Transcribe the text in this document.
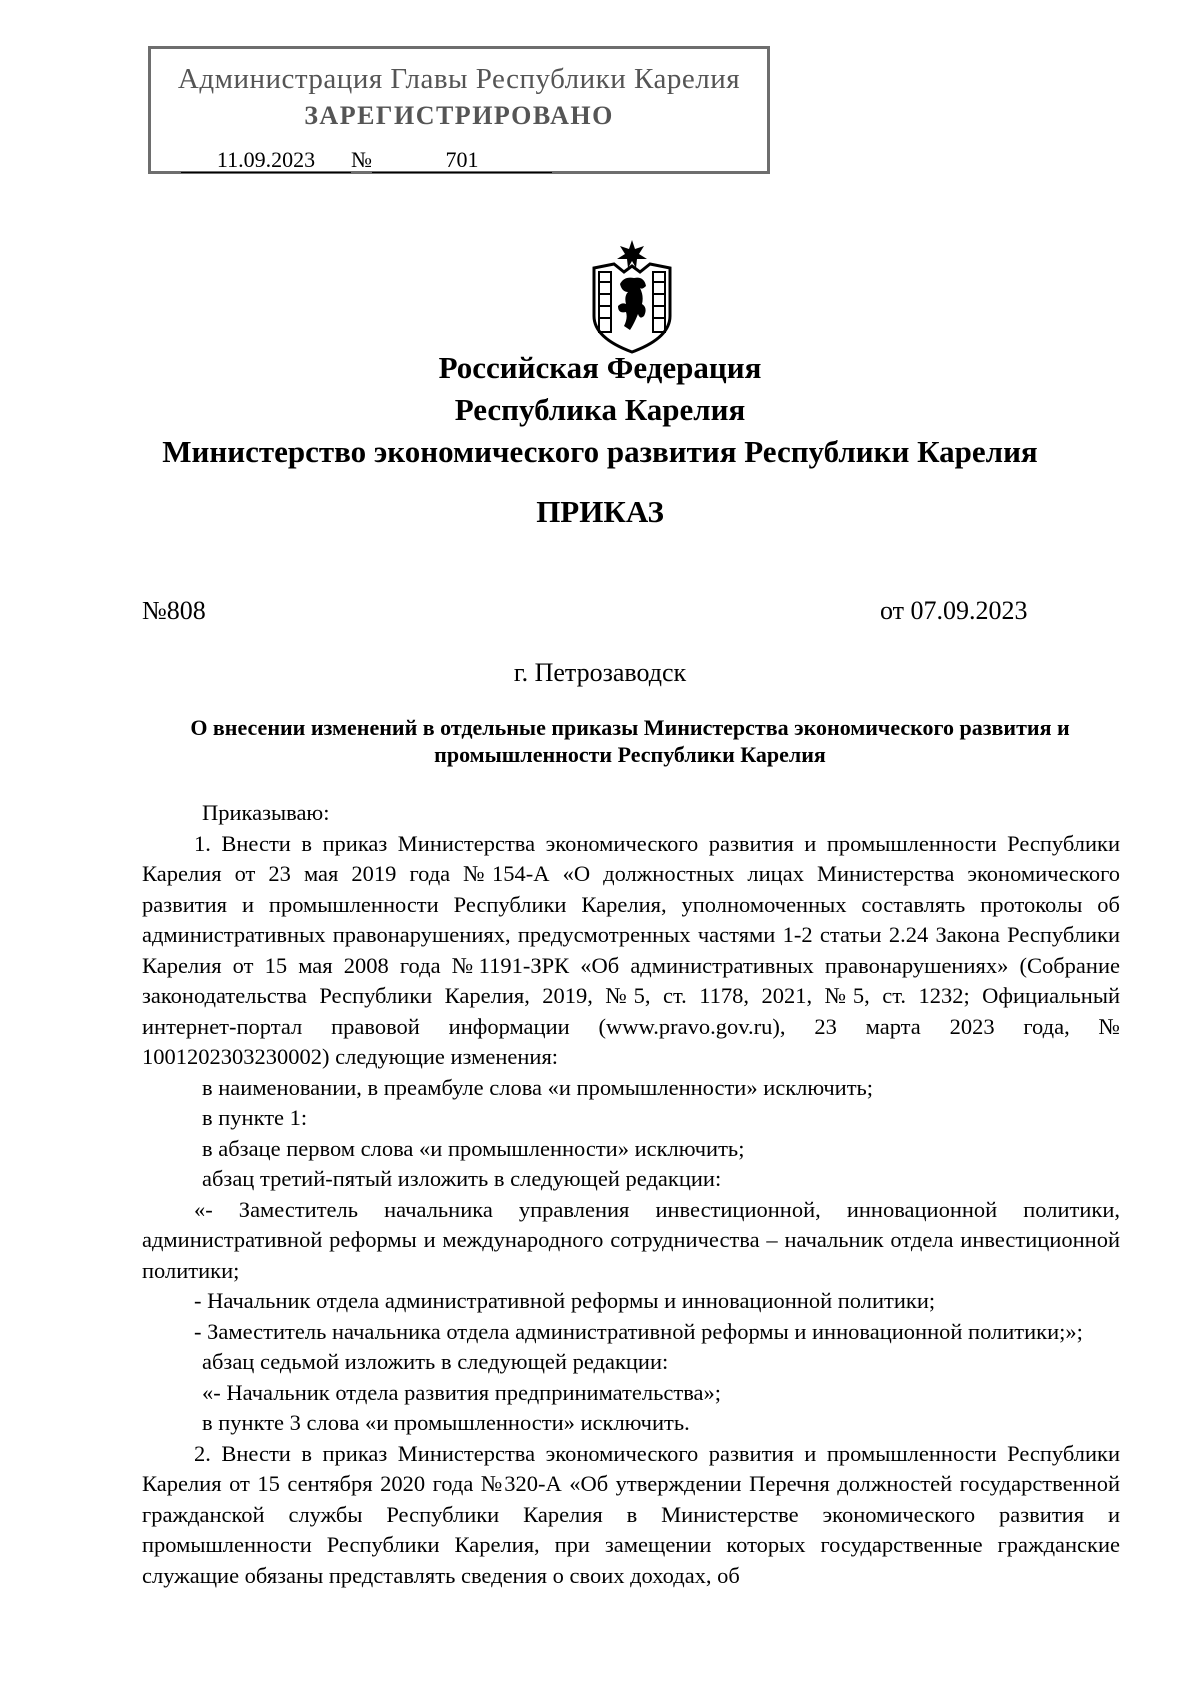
Администрация Главы Республики Карелия
ЗАРЕГИСТРИРОВАНО
11.09.2023 №	701
Российская Федерация
Республика Карелия
Министерство экономического развития Республики Карелия
ПРИКАЗ
№808	от 07.09.2023
г. Петрозаводск
О внесении изменений в отдельные приказы Министерства экономического развития и промышленности Республики Карелия

Приказываю:

1. Внести в приказ Министерства экономического развития и промышленности Республики Карелия от 23 мая 2019 года №154-А «О должностных лицах Министерства экономического развития и промышленности Республики Карелия, уполномоченных составлять протоколы об административных правонарушениях, предусмотренных частями 1-2 статьи 2.24 Закона Республики Карелия от 15 мая 2008 года №1191-ЗРК «Об административных правонарушениях» (Собрание законодательства Республики Карелия, 2019, №5, ст. 1178, 2021, №5, ст. 1232; Официальный интернет-портал правовой информации (www.pravo.gov.ru), 23 марта 2023 года, № 1001202303230002) следующие изменения:

в наименовании, в преамбуле слова «и промышленности» исключить;

в пункте 1:

в абзаце первом слова «и промышленности» исключить;

абзац третий-пятый изложить в следующей редакции:

«- Заместитель начальника управления инвестиционной, инновационной политики, административной реформы и международного сотрудничества – начальник отдела инвестиционной политики;

- Начальник отдела административной реформы и инновационной политики;

- Заместитель начальника отдела административной реформы и инновационной политики;»;

абзац седьмой изложить в следующей редакции:

«- Начальник отдела развития предпринимательства»;

в пункте 3 слова «и промышленности» исключить.

2. Внести в приказ Министерства экономического развития и промышленности Республики Карелия от 15 сентября 2020 года №320-А «Об утверждении Перечня должностей государственной гражданской службы Республики Карелия в Министерстве экономического развития и промышленности Республики Карелия, при замещении которых государственные гражданские служащие обязаны представлять сведения о своих доходах, об
